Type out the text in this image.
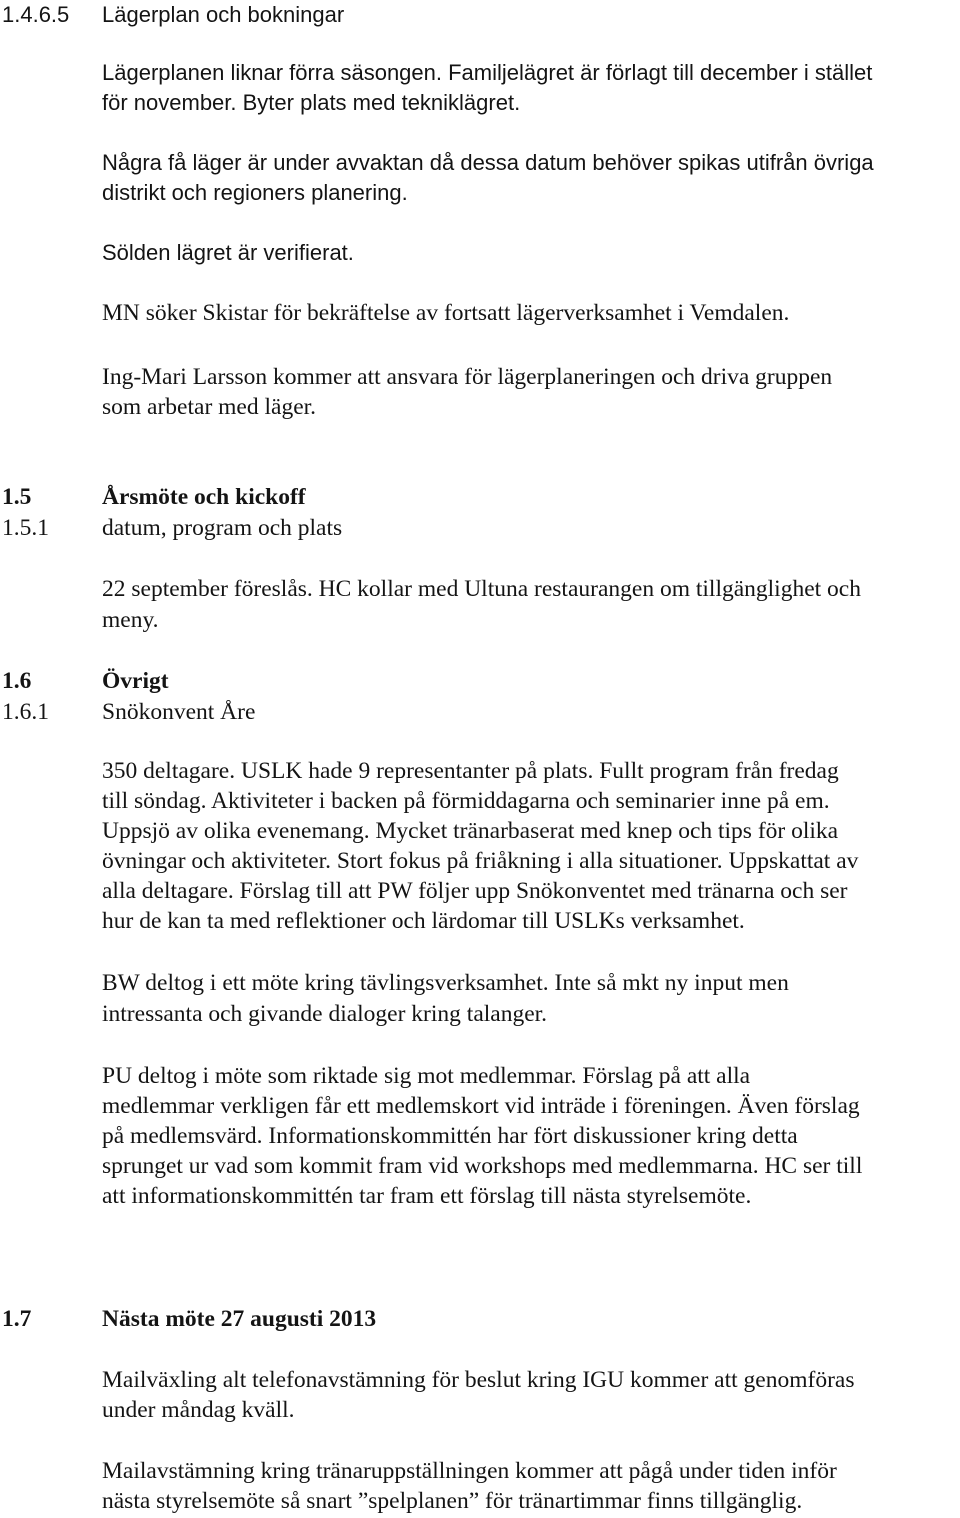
1.4.6.5 Lägerplan och bokningar
Lägerplanen liknar förra säsongen. Familjelägret är förlagt till december i stället
för november. Byter plats med tekniklägret.
Några få läger är under avvaktan då dessa datum behöver spikas utifrån övriga
distrikt och regioners planering.
Sölden lägret är verifierat.
MN söker Skistar för bekräftelse av fortsatt lägerverksamhet i Vemdalen.
Ing-Mari Larsson kommer att ansvara för lägerplaneringen och driva gruppen
som arbetar med läger.
1.5	Årsmöte och kickoff
1.5.1 datum, program och plats
22 september föreslås. HC kollar med Ultuna restaurangen om tillgänglighet och
meny.
1.6	Övrigt
1.6.1 Snökonvent Åre
350 deltagare. USLK hade 9 representanter på plats. Fullt program från fredag
till söndag. Aktiviteter i backen på förmiddagarna och seminarier inne på em.
Uppsjö av olika evenemang. Mycket tränarbaserat med knep och tips för olika
övningar och aktiviteter. Stort fokus på friåkning i alla situationer. Uppskattat av
alla deltagare. Förslag till att PW följer upp Snökonventet med tränarna och ser
hur de kan ta med reflektioner och lärdomar till USLKs verksamhet.
BW deltog i ett möte kring tävlingsverksamhet. Inte så mkt ny input men
intressanta och givande dialoger kring talanger.
PU deltog i möte som riktade sig mot medlemmar. Förslag på att alla
medlemmar verkligen får ett medlemskort vid inträde i föreningen. Även förslag
på medlemsvärd. Informationskommittén har fört diskussioner kring detta
sprunget ur vad som kommit fram vid workshops med medlemmarna. HC ser till
att informationskommittén tar fram ett förslag till nästa styrelsemöte.
1.7	Nästa möte 27 augusti 2013
Mailväxling alt telefonavstämning för beslut kring IGU kommer att genomföras
under måndag kväll.
Mailavstämning kring tränaruppställningen kommer att pågå under tiden inför
nästa styrelsemöte så snart ”spelplanen” för tränartimmar finns tillgänglig.
